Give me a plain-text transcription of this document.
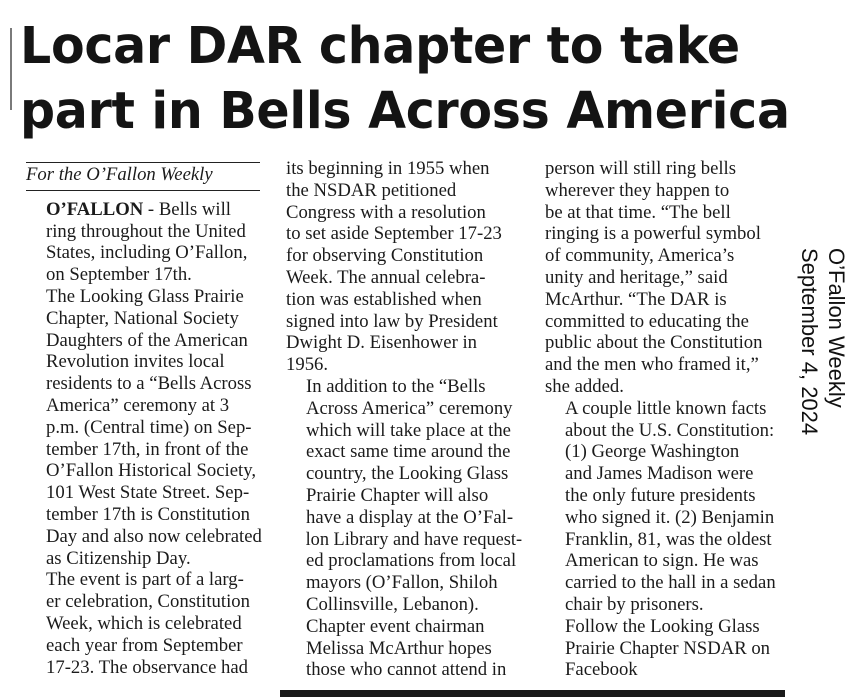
Locar DAR chapter to take
part in Bells Across America
For the O’Fallon Weekly

O’FALLON - Bells will
ring throughout the United
States, including O’Fallon,
on September 17th.

The Looking Glass Prairie
Chapter, National Society
Daughters of the American
Revolution invites local
residents to a “Bells Across
America” ceremony at 3
p.m. (Central time) on Sep-
tember 17th, in front of the
O’Fallon Historical Society,
101 West State Street. Sep-
tember 17th is Constitution
Day and also now celebrated
as Citizenship Day.

The event is part of a larg-
er celebration, Constitution
Week, which is celebrated
each year from September
17-23. The observance had

its beginning in 1955 when
the NSDAR petitioned
Congress with a resolution
to set aside September 17-23
for observing Constitution
Week. The annual celebra-
tion was established when
signed into law by President
Dwight D. Eisenhower in
1956.

In addition to the “Bells
Across America” ceremony
which will take place at the
exact same time around the
country, the Looking Glass
Prairie Chapter will also
have a display at the O’Fal-
lon Library and have request-
ed proclamations from local
mayors (O’Fallon, Shiloh
Collinsville, Lebanon).

Chapter event chairman
Melissa McArthur hopes
those who cannot attend in

person will still ring bells
wherever they happen to
be at that time. “The bell
ringing is a powerful symbol
of community, America’s
unity and heritage,” said
McArthur. “The DAR is
committed to educating the
public about the Constitution
and the men who framed it,”
she added.

A couple little known facts
about the U.S. Constitution:
(1) George Washington
and James Madison were
the only future presidents
who signed it. (2) Benjamin
Franklin, 81, was the oldest
American to sign. He was
carried to the hall in a sedan
chair by prisoners.

Follow the Looking Glass
Prairie Chapter NSDAR on
Facebook

O’Fallon Weekly
September 4, 2024
